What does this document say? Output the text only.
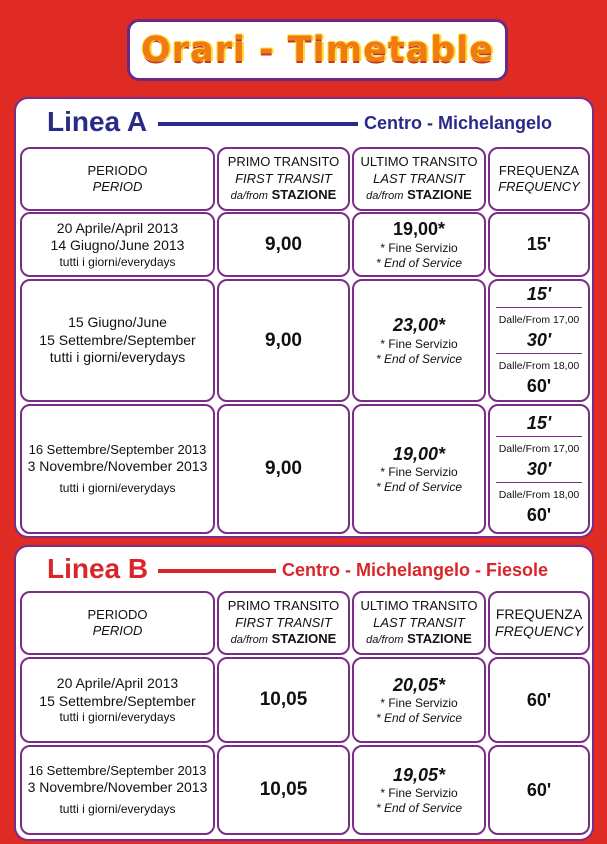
Orari - Timetable
Linea A	Centro - Michelangelo
PERIODO
PERIOD
PRIMO TRANSITO
FIRST TRANSIT
da/from STAZIONE
ULTIMO TRANSITO
LAST TRANSIT
da/from STAZIONE
FREQUENZA
FREQUENCY
20 Aprile/April 2013
14 Giugno/June 2013
tutti i giorni/everydays
9,00
19,00*
* Fine Servizio
* End of Service
15'
15 Giugno/June
15 Settembre/September
tutti i giorni/everydays
9,00
23,00*
* Fine Servizio
* End of Service
15'
Dalle/From 17,00
30'
Dalle/From 18,00
60'
16 Settembre/September 2013
3 Novembre/November 2013
tutti i giorni/everydays
9,00
19,00*
* Fine Servizio
* End of Service
15'
Dalle/From 17,00
30'
Dalle/From 18,00
60'
Linea B	Centro - Michelangelo - Fiesole
PERIODO
PERIOD
PRIMO TRANSITO
FIRST TRANSIT
da/from STAZIONE
ULTIMO TRANSITO
LAST TRANSIT
da/from STAZIONE
FREQUENZA
FREQUENCY
20 Aprile/April 2013
15 Settembre/September
tutti i giorni/everydays
10,05
20,05*
* Fine Servizio
* End of Service
60'
16 Settembre/September 2013
3 Novembre/November 2013
tutti i giorni/everydays
10,05
19,05*
* Fine Servizio
* End of Service
60'
